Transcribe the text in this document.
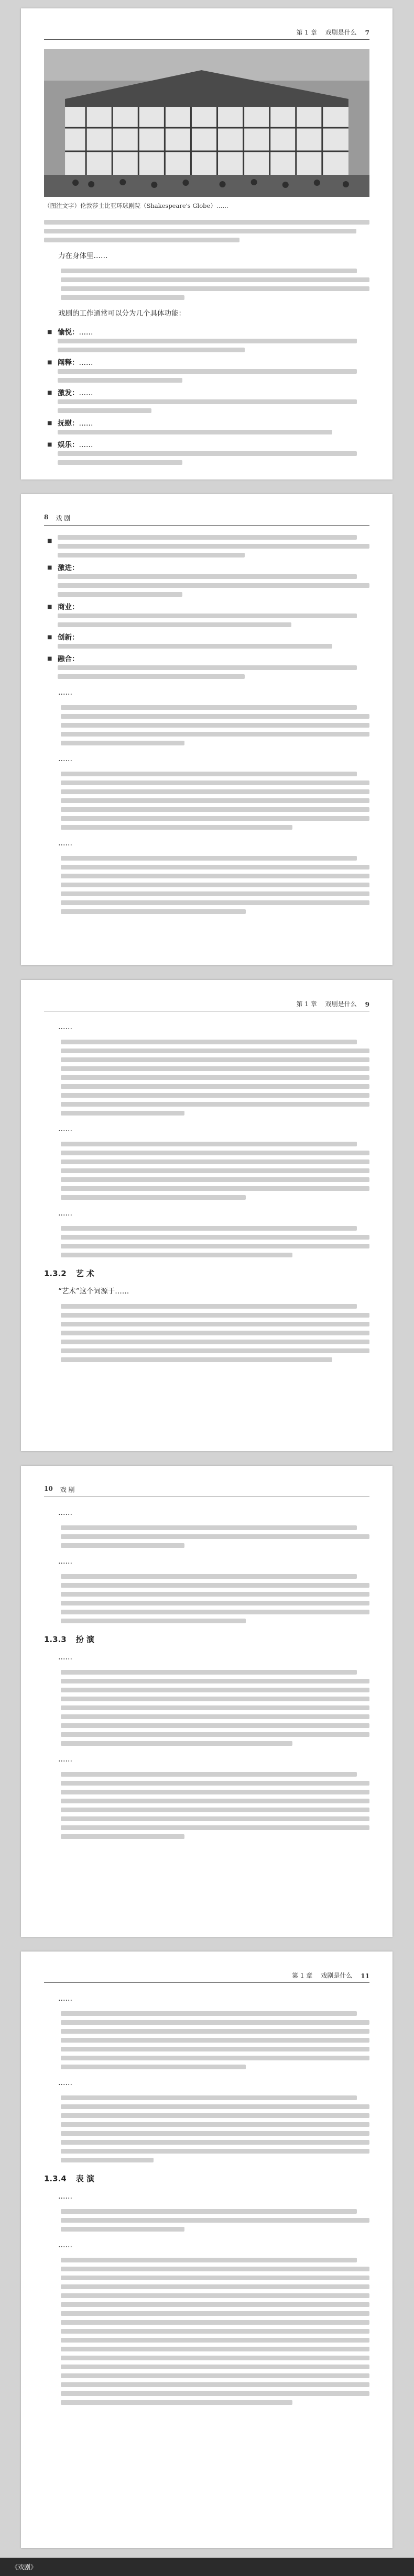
第 1 章 戏剧是什么 7
（图注文字）伦敦莎士比亚环球剧院（Shakespeare's Globe）……

力在身体里……

戏剧的工作通常可以分为几个具体功能：

■ 愉悦：……
■ 阐释：……
■ 激发：……
■ 抚慰：……
■ 娱乐：……
8 戏 剧
■
■ 激进：
■ 商业：
■ 创新：
■ 融合：

……

……

……

第 1 章 戏剧是什么 9

……

……

……

1.3.2 艺 术

“艺术”这个词源于……

10 戏 剧

……

……

1.3.3 扮 演

……

……

第 1 章 戏剧是什么 11

……

……

1.3.4 表 演

……

……

《戏剧》
